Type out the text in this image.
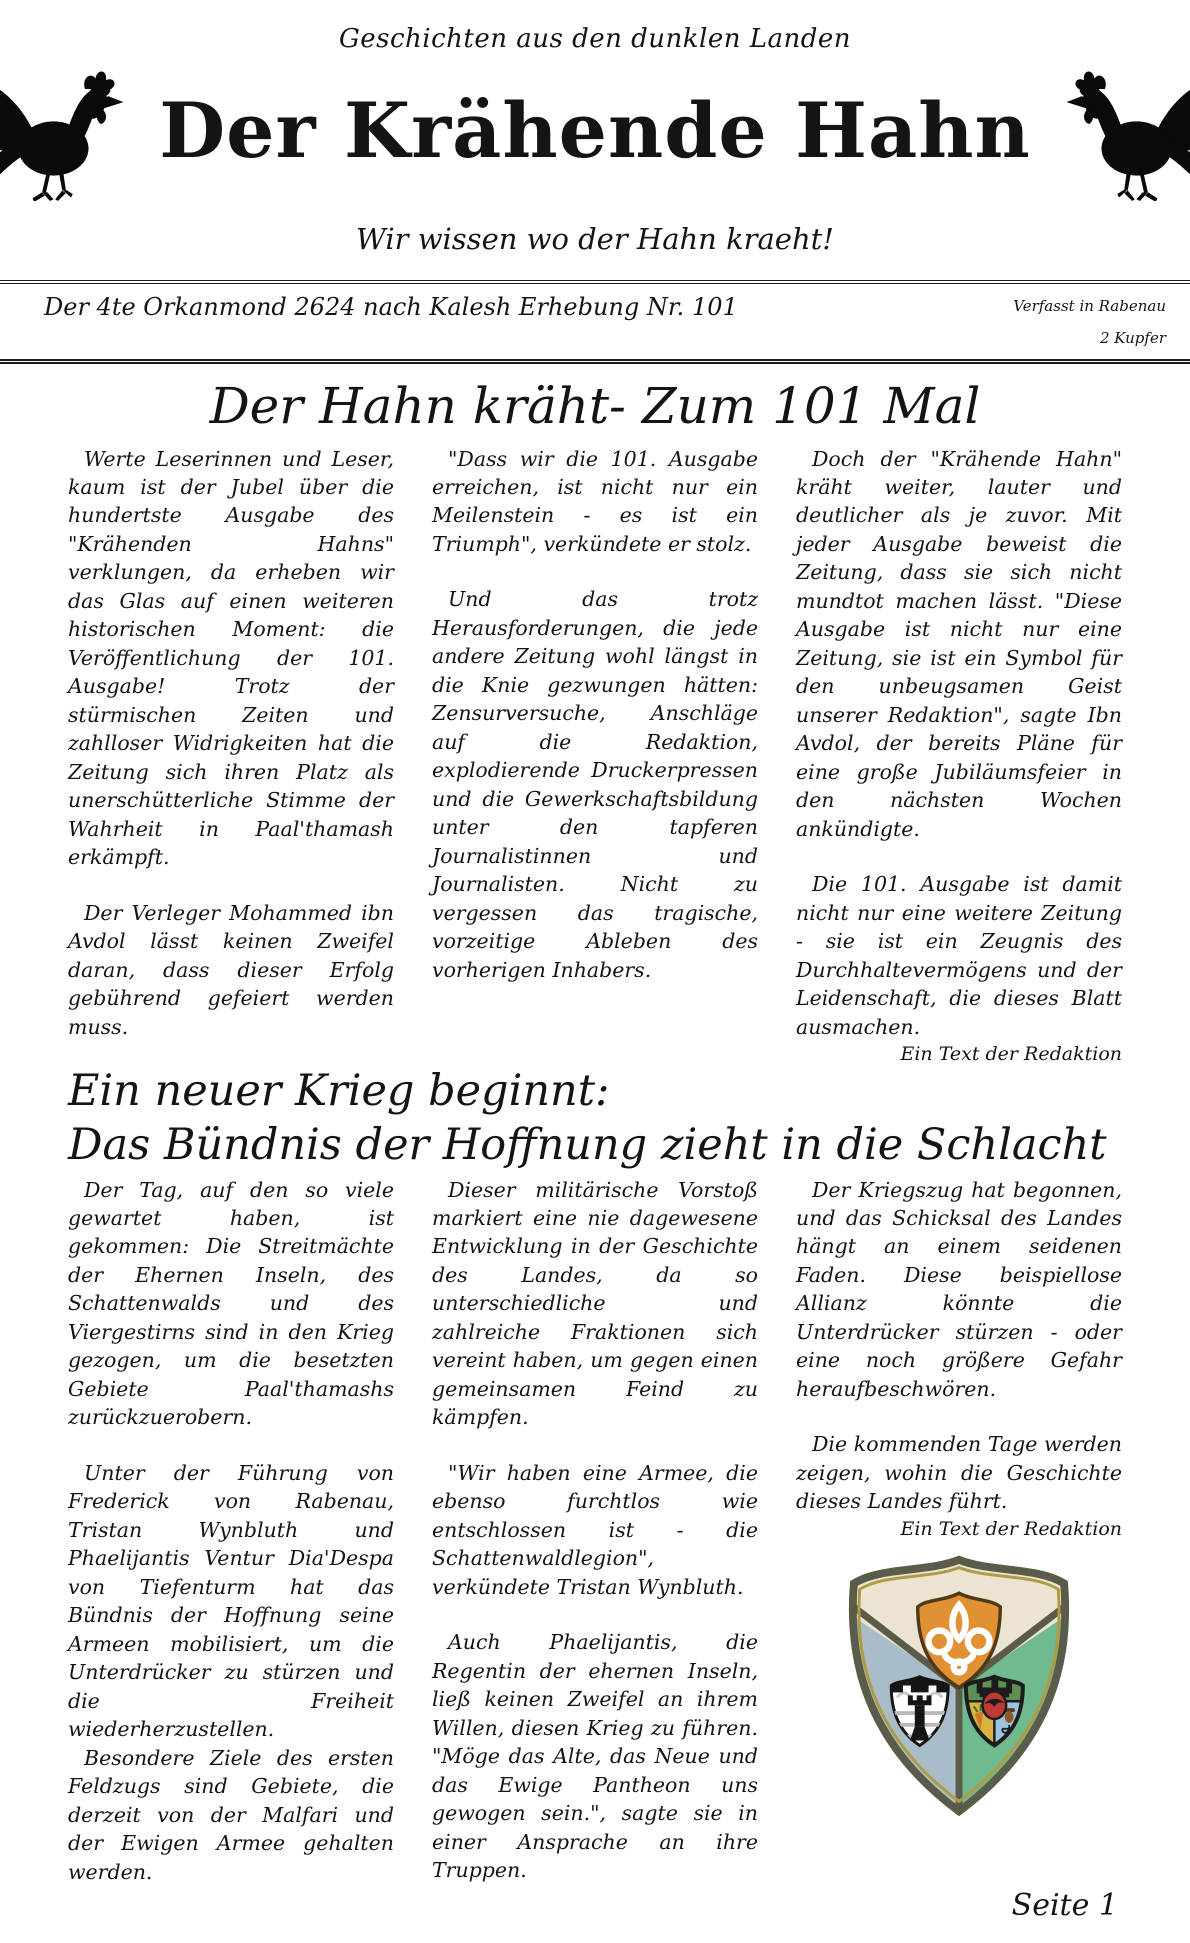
Geschichten aus den dunklen Landen
Der Krähende Hahn
Wir wissen wo der Hahn kraeht!
Der 4te Orkanmond 2624 nach Kalesh Erhebung Nr. 101	Verfasst in Rabenau
2 Kupfer
Der Hahn kräht- Zum 101 Mal

Werte Leserinnen und Leser, kaum ist der Jubel über die hundertste Ausgabe des "Krähenden Hahns" verklungen, da erheben wir das Glas auf einen weiteren historischen Moment: die Veröffentlichung der 101. Ausgabe! Trotz der stürmischen Zeiten und zahlloser Widrigkeiten hat die Zeitung sich ihren Platz als unerschütterliche Stimme der Wahrheit in Paal'thamash erkämpft.

Der Verleger Mohammed ibn Avdol lässt keinen Zweifel daran, dass dieser Erfolg gebührend gefeiert werden muss.

"Dass wir die 101. Ausgabe erreichen, ist nicht nur ein Meilenstein - es ist ein Triumph", verkündete er stolz.

Und das trotz Herausforderungen, die jede andere Zeitung wohl längst in die Knie gezwungen hätten: Zensurversuche, Anschläge auf die Redaktion, explodierende Druckerpressen und die Gewerkschaftsbildung unter den tapferen Journalistinnen und Journalisten. Nicht zu vergessen das tragische, vorzeitige Ableben des vorherigen Inhabers.

Doch der "Krähende Hahn" kräht weiter, lauter und deutlicher als je zuvor. Mit jeder Ausgabe beweist die Zeitung, dass sie sich nicht mundtot machen lässt. "Diese Ausgabe ist nicht nur eine Zeitung, sie ist ein Symbol für den unbeugsamen Geist unserer Redaktion", sagte Ibn Avdol, der bereits Pläne für eine große Jubiläumsfeier in den nächsten Wochen ankündigte.

Die 101. Ausgabe ist damit nicht nur eine weitere Zeitung - sie ist ein Zeugnis des Durchhaltevermögens und der Leidenschaft, die dieses Blatt ausmachen.

Ein Text der Redaktion
Ein neuer Krieg beginnt:
Das Bündnis der Hoffnung zieht in die Schlacht

Der Tag, auf den so viele gewartet haben, ist gekommen: Die Streitmächte der Ehernen Inseln, des Schattenwalds und des Viergestirns sind in den Krieg gezogen, um die besetzten Gebiete Paal'thamashs zurückzuerobern.

Unter der Führung von Frederick von Rabenau, Tristan Wynbluth und Phaelijantis Ventur Dia'Despa von Tiefenturm hat das Bündnis der Hoffnung seine Armeen mobilisiert, um die Unterdrücker zu stürzen und die Freiheit wiederherzustellen.

Besondere Ziele des ersten Feldzugs sind Gebiete, die derzeit von der Malfari und der Ewigen Armee gehalten werden.

Dieser militärische Vorstoß markiert eine nie dagewesene Entwicklung in der Geschichte des Landes, da so unterschiedliche und zahlreiche Fraktionen sich vereint haben, um gegen einen gemeinsamen Feind zu kämpfen.

"Wir haben eine Armee, die ebenso furchtlos wie entschlossen ist - die Schattenwaldlegion", verkündete Tristan Wynbluth.

Auch Phaelijantis, die Regentin der ehernen Inseln, ließ keinen Zweifel an ihrem Willen, diesen Krieg zu führen. "Möge das Alte, das Neue und das Ewige Pantheon uns gewogen sein.", sagte sie in einer Ansprache an ihre Truppen.

Der Kriegszug hat begonnen, und das Schicksal des Landes hängt an einem seidenen Faden. Diese beispiellose Allianz könnte die Unterdrücker stürzen - oder eine noch größere Gefahr heraufbeschwören.

Die kommenden Tage werden zeigen, wohin die Geschichte dieses Landes führt.

Ein Text der Redaktion
Seite 1
